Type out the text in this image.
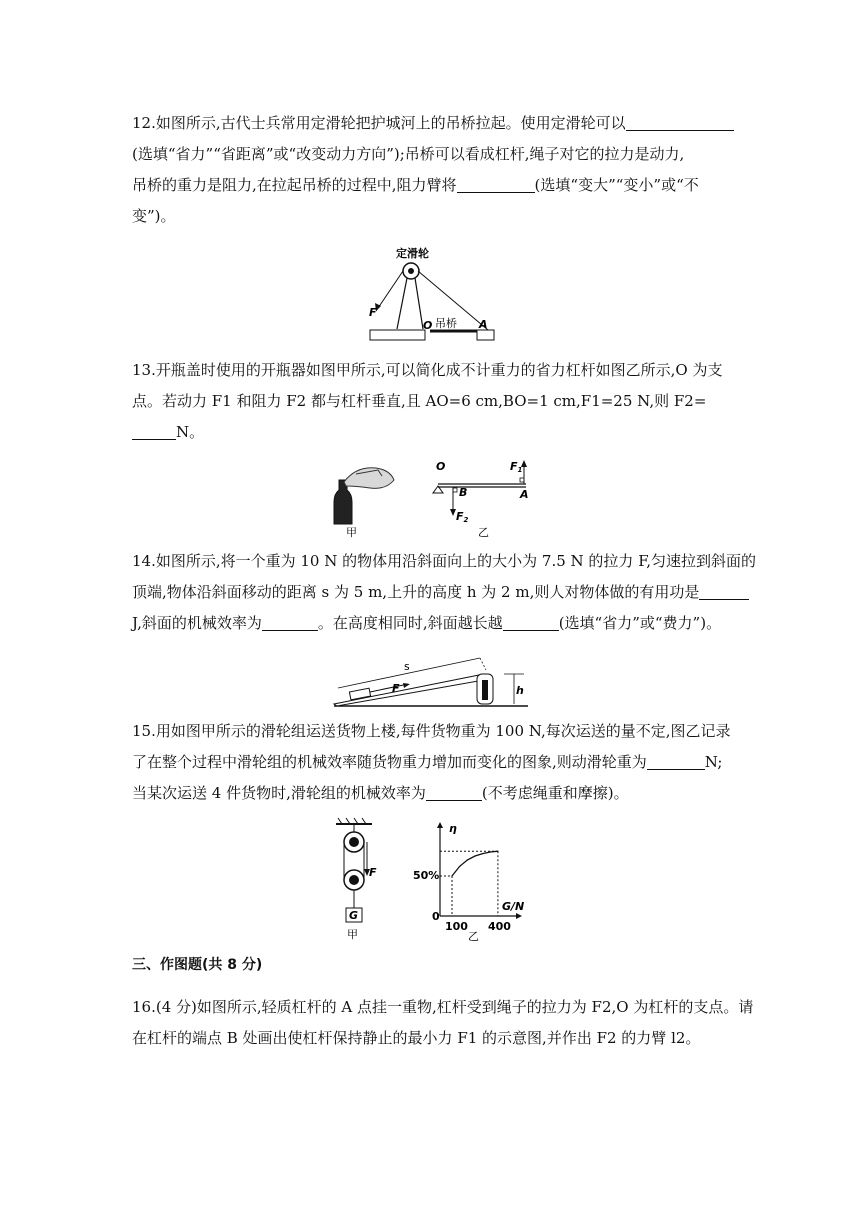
12.如图所示,古代士兵常用定滑轮把护城河上的吊桥拉起。使用定滑轮可以
(选填“省力”“省距离”或“改变动力方向”);吊桥可以看成杠杆,绳子对它的拉力是动力,
吊桥的重力是阻力,在拉起吊桥的过程中,阻力臂将	(选填“变大”“变小”或“不
变”)。
定滑轮
F
O 吊桥 A
13.开瓶盖时使用的开瓶器如图甲所示,可以简化成不计重力的省力杠杆如图乙所示,O 为支
点。若动力 F1 和阻力 F2 都与杠杆垂直,且 AO=6 cm,BO=1 cm,F1=25 N,则 F2=
N。
甲
O
B
F2
F1
A
乙
14.如图所示,将一个重为 10 N 的物体用沿斜面向上的大小为 7.5 N 的拉力 F,匀速拉到斜面的
顶端,物体沿斜面移动的距离 s 为 5 m,上升的高度 h 为 2 m,则人对物体做的有用功是
J,斜面的机械效率为	。在高度相同时,斜面越长越	(选填“省力”或“费力”)。
F
s
h
15.用如图甲所示的滑轮组运送货物上楼,每件货物重为 100 N,每次运送的量不定,图乙记录
了在整个过程中滑轮组的机械效率随货物重力增加而变化的图象,则动滑轮重为	N;
当某次运送 4 件货物时,滑轮组的机械效率为	(不考虑绳重和摩擦)。
F
G
甲
η
G/N
0
50%
100 400
乙
三、作图题(共 8 分)
16.(4 分)如图所示,轻质杠杆的 A 点挂一重物,杠杆受到绳子的拉力为 F2,O 为杠杆的支点。请
在杠杆的端点 B 处画出使杠杆保持静止的最小力 F1 的示意图,并作出 F2 的力臂 l2。
